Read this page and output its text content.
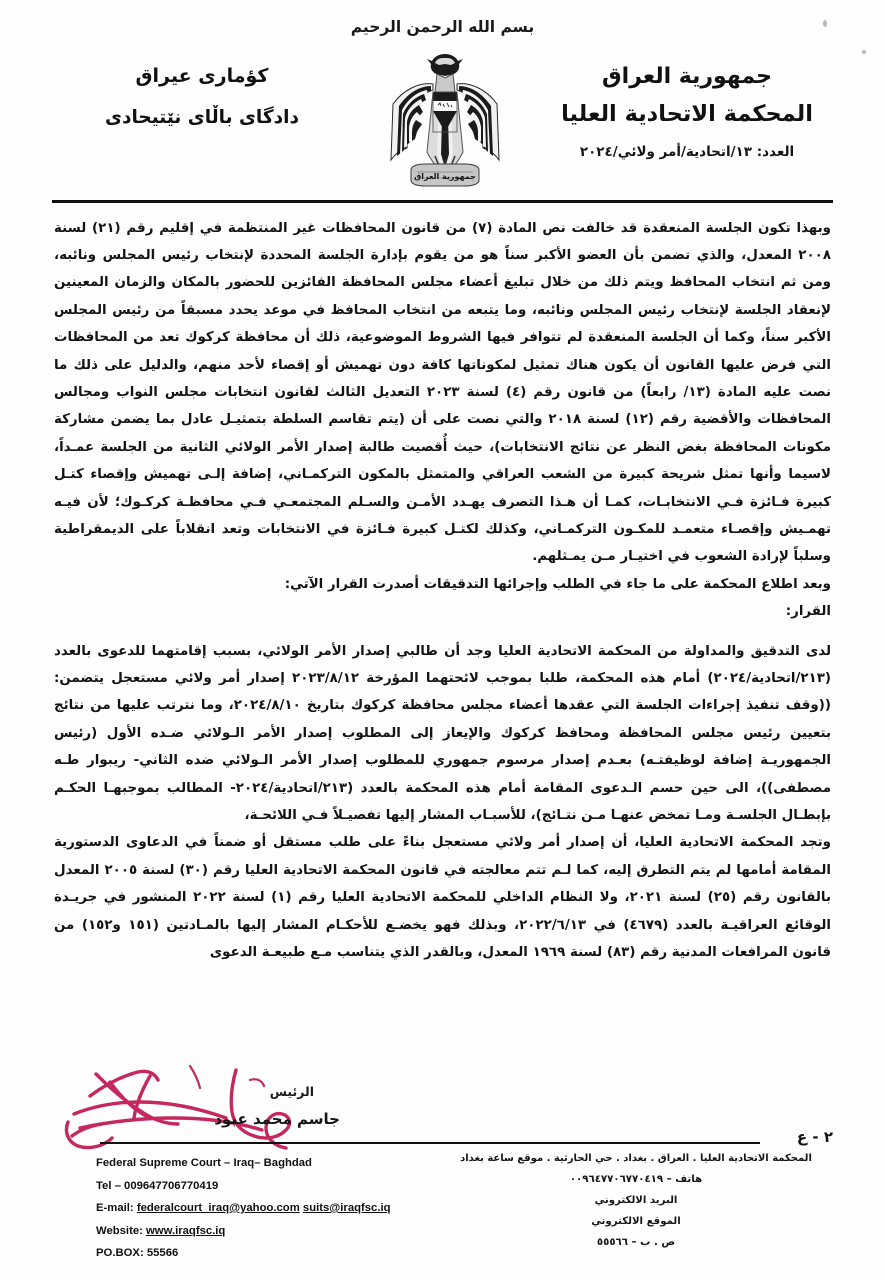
بسم الله الرحمن الرحيم
جمهورية العراق
المحكمة الاتحادية العليا
العدد: ١٣/اتحادية/أمر ولائي/٢٠٢٤
جمهورية العراق
كؤمارى عيراق
دادگاى باڵاى نێتيحادى

وبهذا تكون الجلسة المنعقدة قد خالفت نص المادة (٧) من قانون المحافظات غير المنتظمة في إقليم رقم (٢١) لسنة ٢٠٠٨ المعدل، والذي تضمن بأن العضو الأكبر سناً هو من يقوم بإدارة الجلسة المحددة لإنتخاب رئيس المجلس ونائبه، ومن ثم انتخاب المحافظ ويتم ذلك من خلال تبليغ أعضاء مجلس المحافظة الفائزين للحضور بالمكان والزمان المعينين لإنعقاد الجلسة لإنتخاب رئيس المجلس ونائبه، وما يتبعه من انتخاب المحافظ في موعد يحدد مسبقاً من رئيس المجلس الأكبر سناً، وكما أن الجلسة المنعقدة لم تتوافر فيها الشروط الموضوعية، ذلك أن محافظة كركوك تعد من المحافظات التي فرض عليها القانون أن يكون هناك تمثيل لمكوناتها كافة دون تهميش أو إقصاء لأحد منهم، والدليل على ذلك ما نصت عليه المادة (١٣/ رابعاً) من قانون رقم (٤) لسنة ٢٠٢٣ التعديل الثالث لقانون انتخابات مجلس النواب ومجالس المحافظات والأقضية رقم (١٢) لسنة ٢٠١٨ والتي نصت على أن (يتم تقاسم السلطة بتمثيـل عادل بما يضمن مشاركة مكونات المحافظة بغض النظر عن نتائج الانتخابات)، حيث أُقصيت طالبة إصدار الأمر الولائي الثانية من الجلسة عمـداً، لاسيما وأنها تمثل شريحة كبيرة من الشعب العراقي والمتمثل بالمكون التركمـاني، إضافة إلـى تهميش وإقصاء كتـل كبيرة فـائزة فـي الانتخابـات، كمـا أن هـذا التصرف يهـدد الأمـن والسـلم المجتمعـي فـي محافظـة كركـوك؛ لأن فيـه تهمـيش وإقصـاء متعمـد للمكـون التركمـاني، وكذلك لكتـل كبيرة فـائزة في الانتخابات وتعد انقلاباً على الديمقراطية وسلباً لإرادة الشعوب في اختيـار مـن يمـثلهم.

وبعد اطلاع المحكمة على ما جاء في الطلب وإجرائها التدقيقات أصدرت القرار الآتي:

القرار:

لدى التدقيق والمداولة من المحكمة الاتحادية العليا وجد أن طالبي إصدار الأمر الولائي، بسبب إقامتهما للدعوى بالعدد (٢١٣/اتحادية/٢٠٢٤) أمام هذه المحكمة، طلبا بموجب لائحتهما المؤرخة ٢٠٢٣/٨/١٢ إصدار أمر ولائي مستعجل يتضمن: ((وقف تنفيذ إجراءات الجلسة التي عقدها أعضاء مجلس محافظة كركوك بتاريخ ٢٠٢٤/٨/١٠، وما نترتب عليها من نتائج بتعيين رئيس مجلس المحافظة ومحافظ كركوك والإيعاز إلى المطلوب إصدار الأمر الـولائي ضـده الأول (رئيس الجمهوريـة إضافة لوظيفتـه) بعـدم إصدار مرسوم جمهوري للمطلوب إصدار الأمر الـولائي ضده الثاني- ريبوار طـه مصطفى))، الى حين حسم الـدعوى المقامة أمام هذه المحكمة بالعدد (٢١٣/اتحادية/٢٠٢٤- المطالب بموجبهـا الحكـم بإبطـال الجلسـة ومـا تمخض عنهـا مـن نتـائج)، للأسبـاب المشار إليها تفصيـلاً فـي اللائحـة،

وتجد المحكمة الاتحادية العليا، أن إصدار أمر ولائي مستعجل بناءً على طلب مستقل أو ضمناً في الدعاوى الدستورية المقامة أمامها لم يتم التطرق إليه، كما لـم تتم معالجته في قانون المحكمة الاتحادية العليا رقم (٣٠) لسنة ٢٠٠٥ المعدل بالقانون رقم (٢٥) لسنة ٢٠٢١، ولا النظام الداخلي للمحكمة الاتحادية العليا رقم (١) لسنة ٢٠٢٢ المنشور في جريـدة الوقائع العراقيـة بالعدد (٤٦٧٩) في ٢٠٢٢/٦/١٣، وبذلك فهو يخضـع للأحكـام المشار إليها بالمـادتين (١٥١ و١٥٢) من قانون المرافعات المدنية رقم (٨٣) لسنة ١٩٦٩ المعدل، وبالقدر الذي يتناسب مـع طبيعـة الدعوى

الرئيس
جاسم محمد عبود
٢ - ع
Federal Supreme Court – Iraq– Baghdad
Tel – 009647706770419
E-mail: federalcourt_iraq@yahoo.com suits@iraqfsc.iq
Website: www.iraqfsc.iq
PO.BOX: 55566
المحكمة الاتحادية العليا . العراق . بغداد . حي الحارثية . موقع ساعة بغداد
هاتف – ٠٠٩٦٤٧٧٠٦٧٧٠٤١٩
البريد الالكتروني
الموقع الالكتروني
ص . ب – ٥٥٥٦٦
